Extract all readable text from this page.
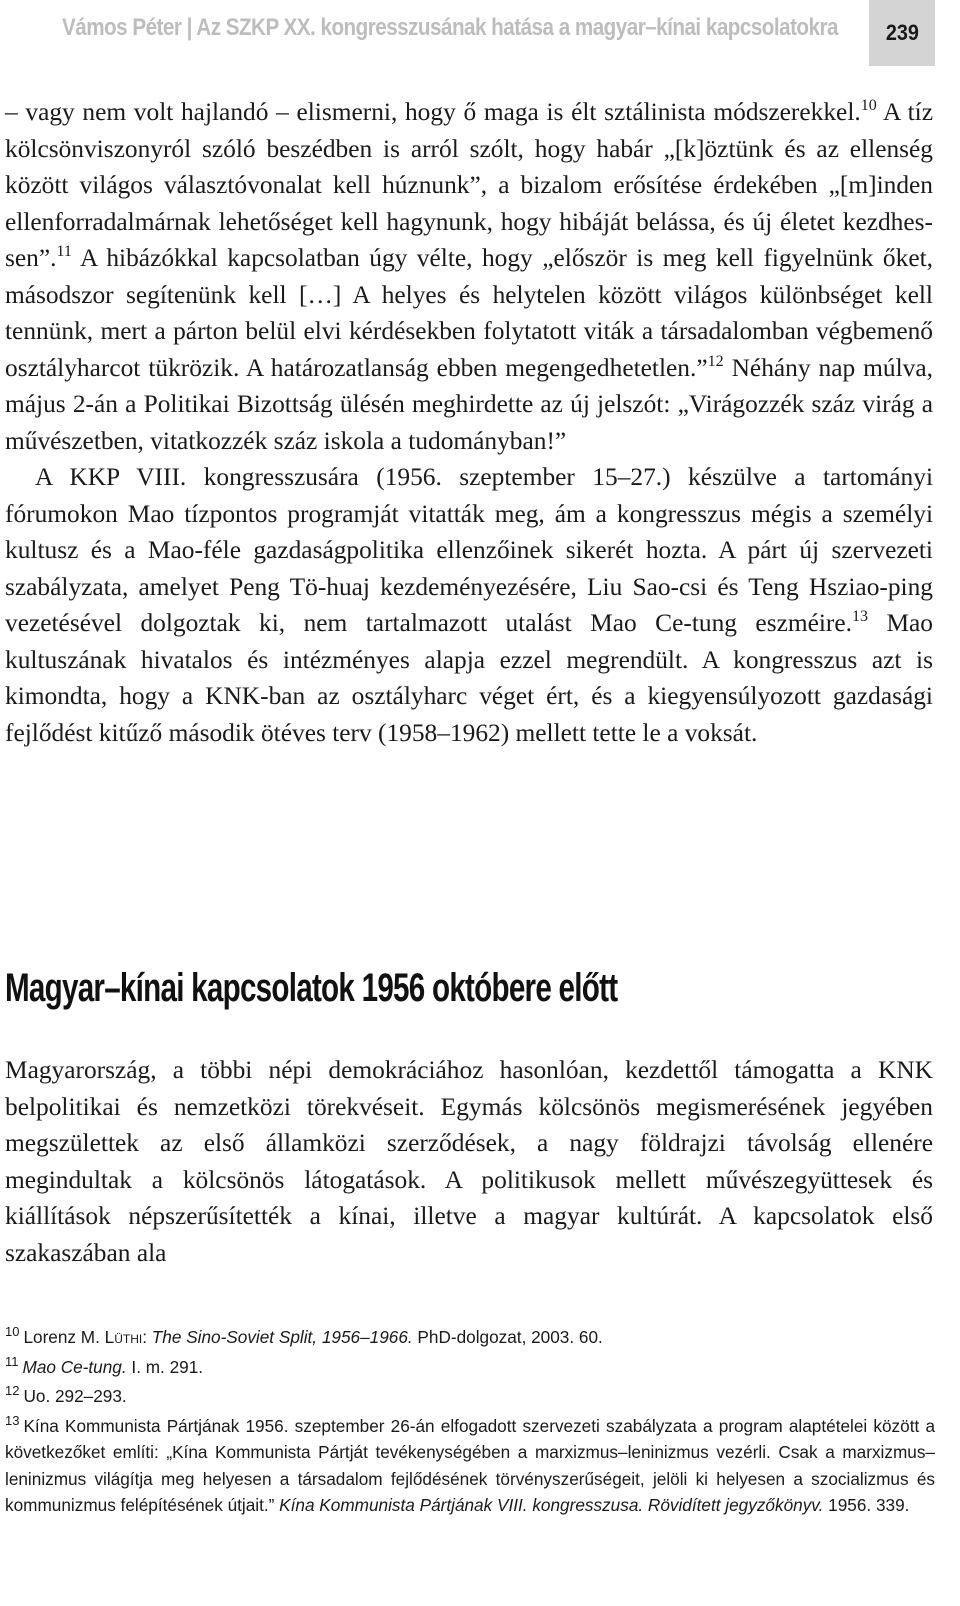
Vámos Péter | Az SZKP XX. kongresszusának hatása a magyar–kínai kapcsolatokra 239

– vagy nem volt hajlandó – elismerni, hogy ő maga is élt sztálinista módszerekkel.$^{10}$ A tíz kölcsönviszonyról szóló beszédben is arról szólt, hogy habár „[k]öztünk és az ellenség között világos választóvonalat kell húznunk”, a bizalom erősítése érdekében „[m]inden ellenforradalmárnak lehetőséget kell hagynunk, hogy hibáját belássa, és új életet kezdhessen”.$^{11}$ A hibázókkal kapcsolatban úgy vélte, hogy „először is meg kell figyelnünk őket, másodszor segítenünk kell […] A helyes és helytelen között világos különbséget kell tennünk, mert a párton belül elvi kérdésekben folytatott viták a társadalomban végbemenő osztályharcot tükrözik. A határozatlanság ebben megengedhetetlen.”$^{12}$ Néhány nap múlva, május 2-án a Politikai Bizottság ülésén meghirdette az új jelszót: „Virágozzék száz virág a művészetben, vitatkozzék száz iskola a tudományban!”

A KKP VIII. kongresszusára (1956. szeptember 15–27.) készülve a tartományi fórumokon Mao tízpontos programját vitatták meg, ám a kongresszus mégis a személyi kultusz és a Mao-féle gazdaságpolitika ellenzőinek sikerét hozta. A párt új szervezeti szabályzata, amelyet Peng Tö-huaj kezdeményezésére, Liu Sao-csi és Teng Hsziao-ping vezetésével dolgoztak ki, nem tartalmazott utalást Mao Ce-tung eszméire.$^{13}$ Mao kultuszának hivatalos és intézményes alapja ezzel megrendült. A kongresszus azt is kimondta, hogy a KNK-ban az osztályharc véget ért, és a kiegyensúlyozott gazdasági fejlődést kitűző második ötéves terv (1958–1962) mellett tette le a voksát.

Magyar–kínai kapcsolatok 1956 októbere előtt

Magyarország, a többi népi demokráciához hasonlóan, kezdettől támogatta a KNK belpolitikai és nemzetközi törekvéseit. Egymás kölcsönös megismerésének jegyében megszülettek az első államközi szerződések, a nagy földrajzi távolság ellenére megindultak a kölcsönös látogatások. A politikusok mellett művészegyüttesek és kiállítások népszerűsítették a kínai, illetve a magyar kultúrát. A kapcsolatok első szakaszában ala

$^{10}$ Lorenz M. Lüthi: The Sino-Soviet Split, 1956–1966. PhD-dolgozat, 2003. 60.

$^{11}$ Mao Ce-tung. I. m. 291.

$^{12}$ Uo. 292–293.

$^{13}$ Kína Kommunista Pártjának 1956. szeptember 26-án elfogadott szervezeti szabályzata a program alaptételei között a következőket említi: „Kína Kommunista Pártját tevékenységében a marxizmus–leninizmus vezérli. Csak a marxizmus–leninizmus világítja meg helyesen a társadalom fejlődésének törvényszerűségeit, jelöli ki helyesen a szocializmus és kommunizmus felépítésének útjait.” Kína Kommunista Pártjának VIII. kongresszusa. Rövidített jegyzőkönyv. 1956. 339.
